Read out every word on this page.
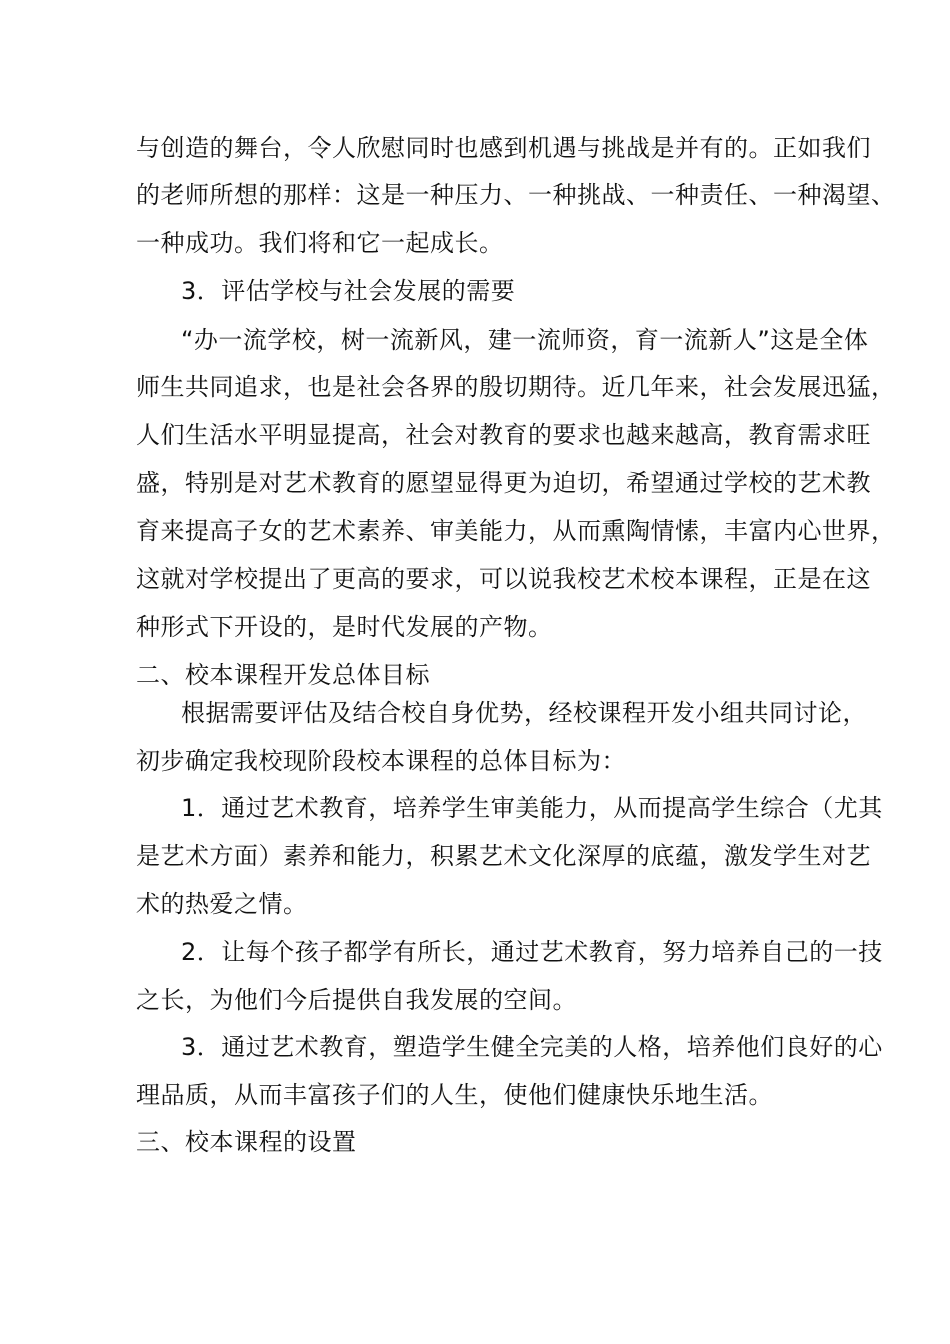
与创造的舞台，令人欣慰同时也感到机遇与挑战是并有的。正如我们
的老师所想的那样：这是一种压力、一种挑战、一种责任、一种渴望、
一种成功。我们将和它一起成长。
3．评估学校与社会发展的需要
“办一流学校，树一流新风，建一流师资，育一流新人”这是全体
师生共同追求，也是社会各界的殷切期待。近几年来，社会发展迅猛，
人们生活水平明显提高，社会对教育的要求也越来越高，教育需求旺
盛，特别是对艺术教育的愿望显得更为迫切，希望通过学校的艺术教
育来提高子女的艺术素养、审美能力，从而熏陶情愫，丰富内心世界，
这就对学校提出了更高的要求，可以说我校艺术校本课程，正是在这
种形式下开设的，是时代发展的产物。
二、校本课程开发总体目标
根据需要评估及结合校自身优势，经校课程开发小组共同讨论，
初步确定我校现阶段校本课程的总体目标为：
1．通过艺术教育，培养学生审美能力，从而提高学生综合（尤其
是艺术方面）素养和能力，积累艺术文化深厚的底蕴，激发学生对艺
术的热爱之情。
2．让每个孩子都学有所长，通过艺术教育，努力培养自己的一技
之长，为他们今后提供自我发展的空间。
3．通过艺术教育，塑造学生健全完美的人格，培养他们良好的心
理品质，从而丰富孩子们的人生，使他们健康快乐地生活。
三、校本课程的设置
